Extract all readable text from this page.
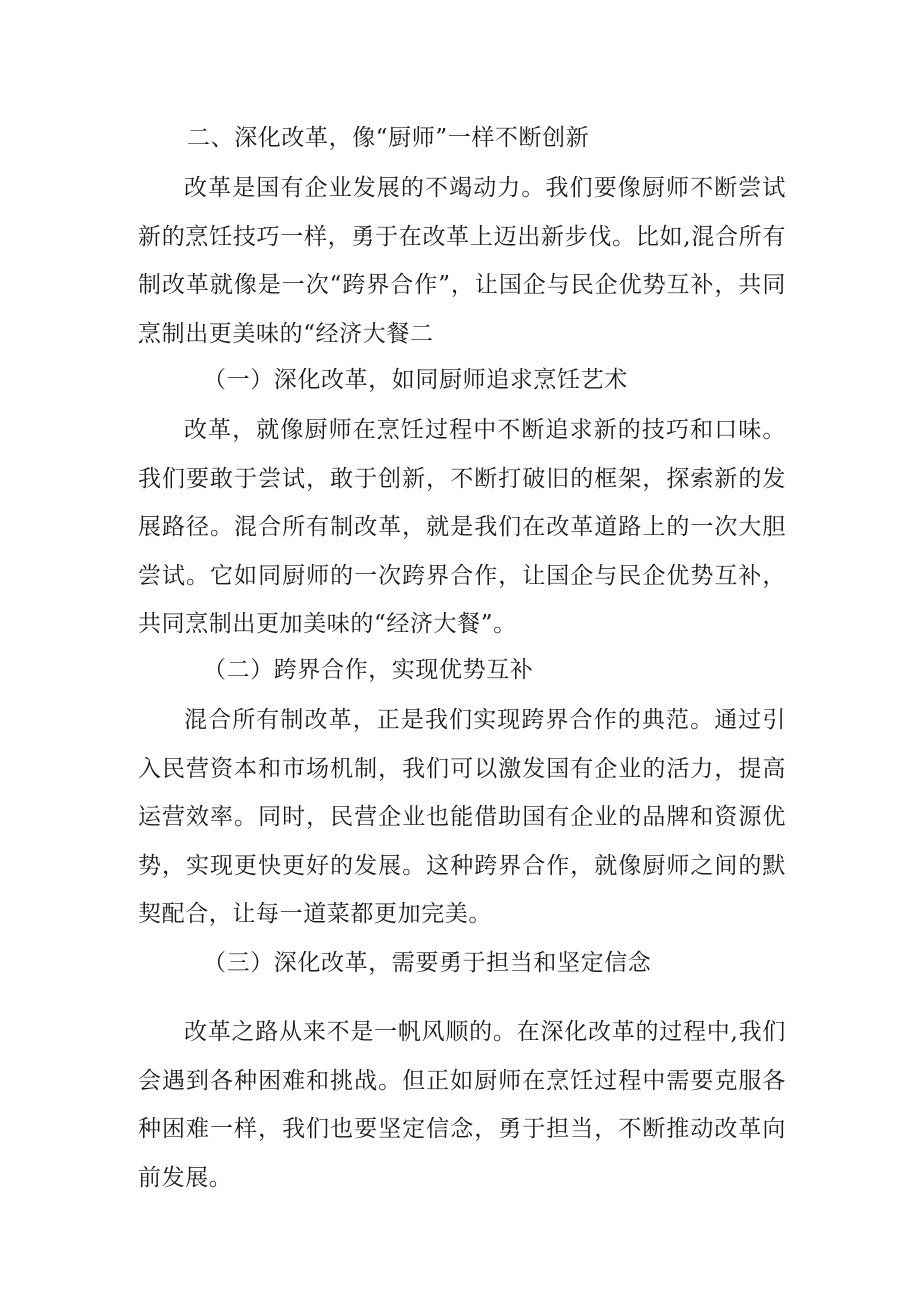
二、深化改革，像“厨师”一样不断创新

改革是国有企业发展的不竭动力。我们要像厨师不断尝试新的烹饪技巧一样，勇于在改革上迈出新步伐。比如,混合所有制改革就像是一次“跨界合作”，让国企与民企优势互补，共同烹制出更美味的“经济大餐二

（一）深化改革，如同厨师追求烹饪艺术

改革，就像厨师在烹饪过程中不断追求新的技巧和口味。我们要敢于尝试，敢于创新，不断打破旧的框架，探索新的发展路径。混合所有制改革，就是我们在改革道路上的一次大胆尝试。它如同厨师的一次跨界合作，让国企与民企优势互补，共同烹制出更加美味的“经济大餐”。

（二）跨界合作，实现优势互补

混合所有制改革，正是我们实现跨界合作的典范。通过引入民营资本和市场机制，我们可以激发国有企业的活力，提高运营效率。同时，民营企业也能借助国有企业的品牌和资源优势，实现更快更好的发展。这种跨界合作，就像厨师之间的默契配合，让每一道菜都更加完美。

（三）深化改革，需要勇于担当和坚定信念

改革之路从来不是一帆风顺的。在深化改革的过程中,我们会遇到各种困难和挑战。但正如厨师在烹饪过程中需要克服各种困难一样，我们也要坚定信念，勇于担当，不断推动改革向前发展。
